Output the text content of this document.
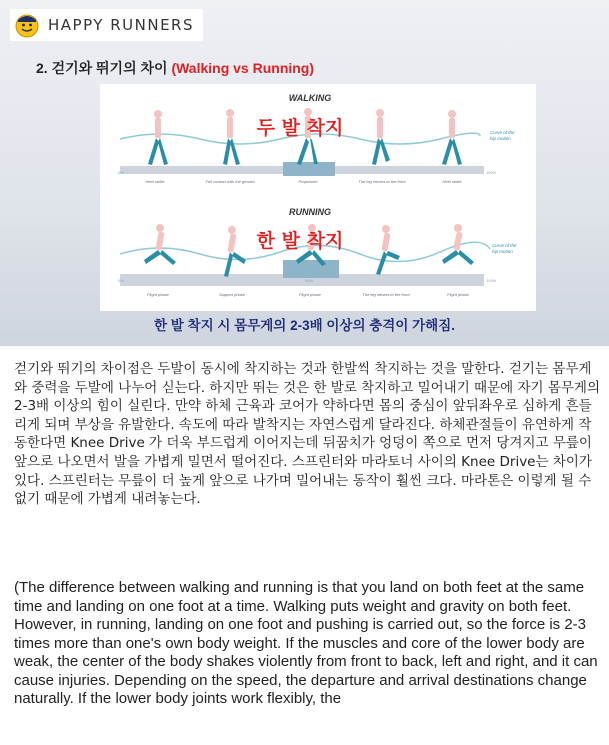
HAPPY RUNNERS
2. 걷기와 뛰기의 차이 (Walking vs Running)
WALKING
0%	100%
Curve of the
hip motion
두 발 착지
Heel strike	Full contact with the ground	Propulsion	The leg returns to the front	Heel strike
RUNNING
0%	50%	100%
Curve of the
hip motion
한 발 착지
Flight phase	Support phase	Flight phase	The leg returns to the front	Flight phase
한 발 착지 시 몸무게의 2-3배 이상의 충격이 가해짐.

걷기와 뛰기의 차이점은 두발이 동시에 착지하는 것과 한발씩 착지하는 것을 말한다. 걷기는 몸무게와 중력을 두발에 나누어 싣는다. 하지만 뛰는 것은 한 발로 착지하고 밀어내기 때문에 자기 몸무게의 2-3배 이상의 힘이 실린다. 만약 하체 근육과 코어가 약하다면 몸의 중심이 앞뒤좌우로 심하게 흔들리게 되며 부상을 유발한다. 속도에 따라 발착지는 자연스럽게 달라진다. 하체관절들이 유연하게 작동한다면 Knee Drive 가 더욱 부드럽게 이어지는데 뒤꿈치가 엉덩이 쪽으로 먼저 당겨지고 무릎이 앞으로 나오면서 발을 가볍게 밀면서 떨어진다. 스프린터와 마라토너 사이의 Knee Drive는 차이가 있다. 스프린터는 무릎이 더 높게 앞으로 나가며 밀어내는 동작이 훨씬 크다. 마라톤은 이렇게 될 수 없기 때문에 가볍게 내려놓는다.

(The difference between walking and running is that you land on both feet at the same time and landing on one foot at a time. Walking puts weight and gravity on both feet. However, in running, landing on one foot and pushing is carried out, so the force is 2-3 times more than one's own body weight. If the muscles and core of the lower body are weak, the center of the body shakes violently from front to back, left and right, and it can cause injuries. Depending on the speed, the departure and arrival destinations change naturally. If the lower body joints work flexibly, the
